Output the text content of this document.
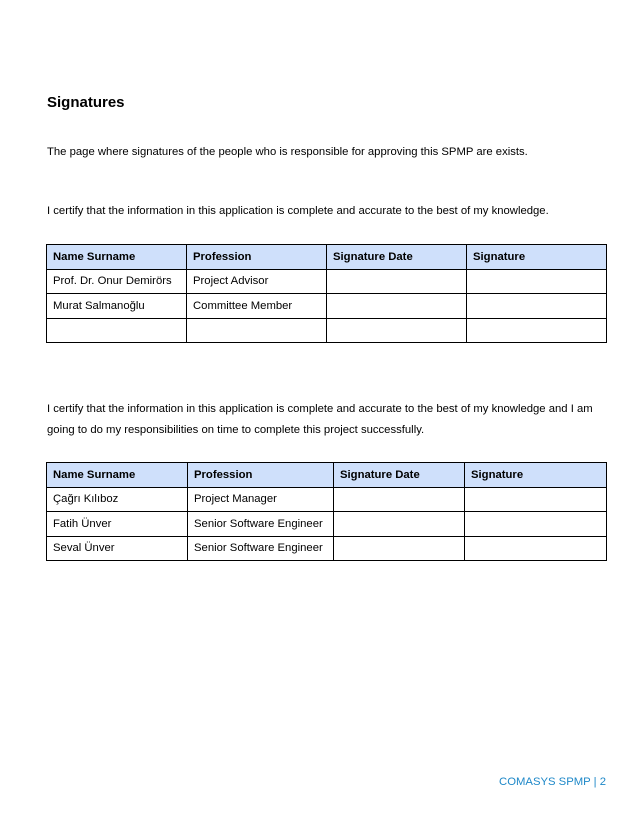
Signatures
The page where signatures of the people who is responsible for approving this SPMP are exists.
I certify that the information in this application is complete and accurate to the best of my knowledge.
Name Surname	Profession	Signature Date	Signature
Prof. Dr. Onur Demirörs	Project Advisor		
Murat Salmanoğlu	Committee Member		

I certify that the information in this application is complete and accurate to the best of my knowledge and I am going to do my responsibilities on time to complete this project successfully.
Name Surname	Profession	Signature Date	Signature
Çağrı Kılıboz	Project Manager		
Fatih Ünver	Senior Software Engineer		
Seval Ünver	Senior Software Engineer		
COMASYS SPMP | 2
